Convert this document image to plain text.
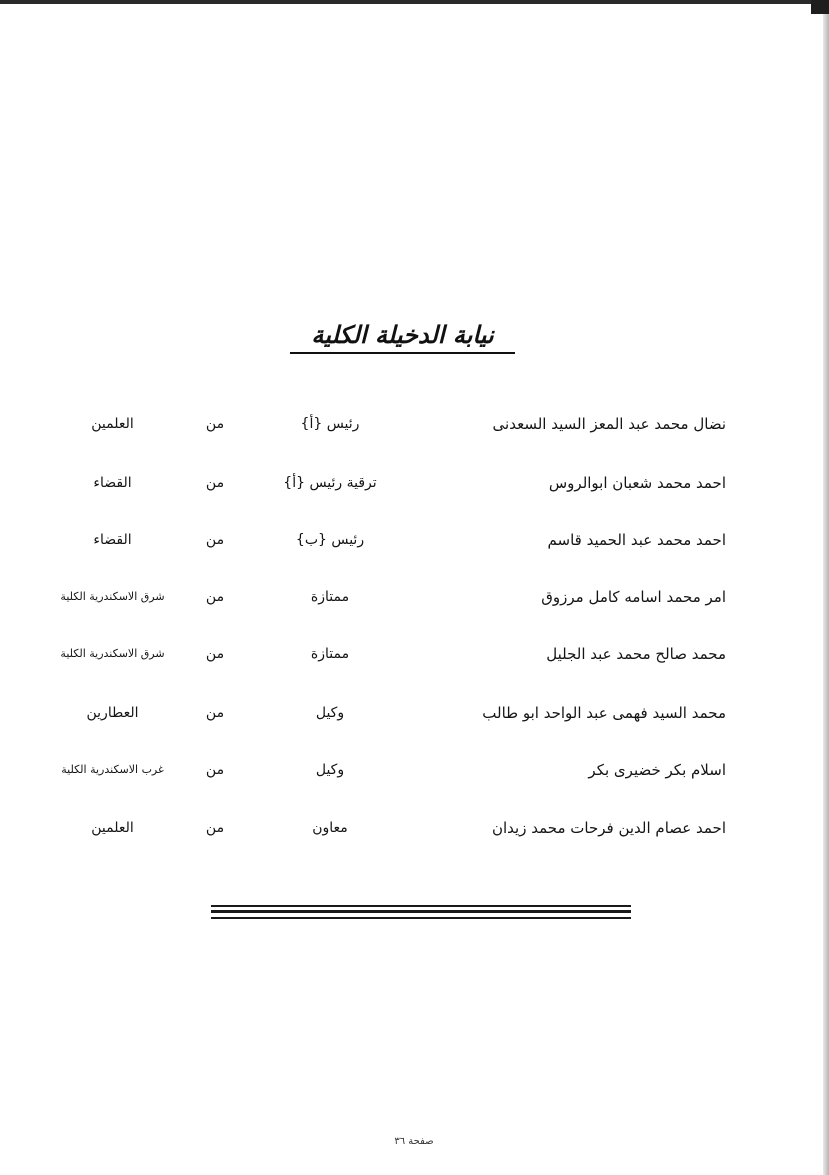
نيابة الدخيلة الكلية
نضال محمد عبد المعز السيد السعدنى
رئيس {أ}
من
العلمين
احمد محمد شعبان ابوالروس
ترقية رئيس {أ}
من
القضاء
احمد محمد عبد الحميد قاسم
رئيس {ب}
من
القضاء
امر محمد اسامه كامل مرزوق
ممتازة
من
شرق الاسكندرية الكلية
محمد صالح محمد عبد الجليل
ممتازة
من
شرق الاسكندرية الكلية
محمد السيد فهمى عبد الواحد ابو طالب
وكيل
من
العطارين
اسلام بكر خضيرى بكر
وكيل
من
غرب الاسكندرية الكلية
احمد عصام الدين فرحات محمد زيدان
معاون
من
العلمين
صفحة ٣٦
